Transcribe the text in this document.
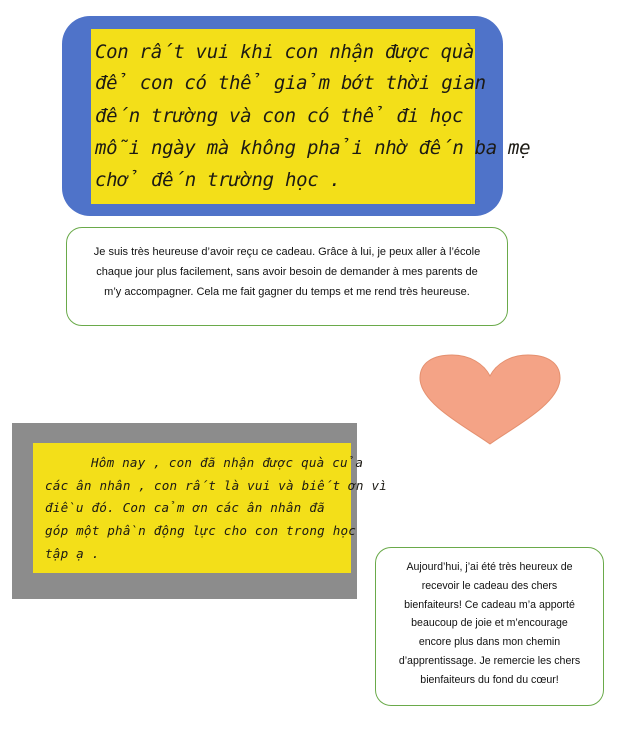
Con rất vui khi con nhận được quà
để con có thể giảm bớt thời gian
đến trường và con có thể đi học
mỗi ngày mà không phải nhờ đến ba mẹ
chở đến trường học .
Je suis très heureuse d’avoir reçu ce cadeau. Grâce à lui, je peux aller à l’école
chaque jour plus facilement, sans avoir besoin de demander à mes parents de
m’y accompagner. Cela me fait gagner du temps et me rend très heureuse.
Hôm nay , con đã nhận được quà của
các ân nhân , con rất là vui và biết ơn vì
điều đó. Con cảm ơn các ân nhân đã
góp một phần động lực cho con trong học
tập ạ .
Aujourd’hui, j’ai été très heureux de
recevoir le cadeau des chers
bienfaiteurs! Ce cadeau m’a apporté
beaucoup de joie et m’encourage
encore plus dans mon chemin
d’apprentissage. Je remercie les chers
bienfaiteurs du fond du cœur!
